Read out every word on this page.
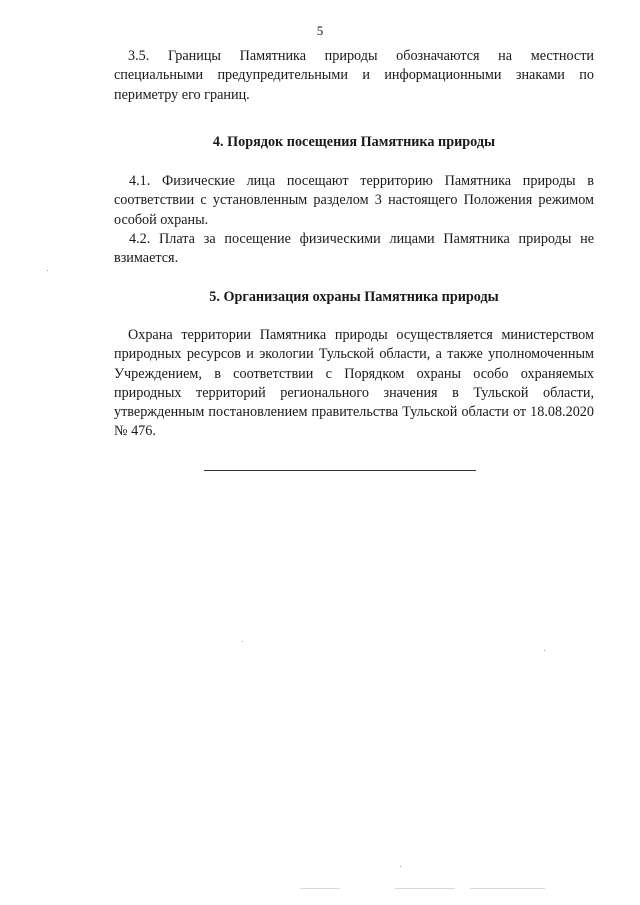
5
3.5. Границы Памятника природы обозначаются на местности специальными предупредительными и информационными знаками по периметру его границ.
4. Порядок посещения Памятника природы
4.1. Физические лица посещают территорию Памятника природы в соответствии с установленным разделом 3 настоящего Положения режимом особой охраны.
4.2. Плата за посещение физическими лицами Памятника природы не взимается.
5. Организация охраны Памятника природы
Охрана территории Памятника природы осуществляется министерством природных ресурсов и экологии Тульской области, а также уполномоченным Учреждением, в соответствии с Порядком охраны особо охраняемых природных территорий регионального значения в Тульской области, утвержденным постановлением правительства Тульской области от 18.08.2020 № 476.
